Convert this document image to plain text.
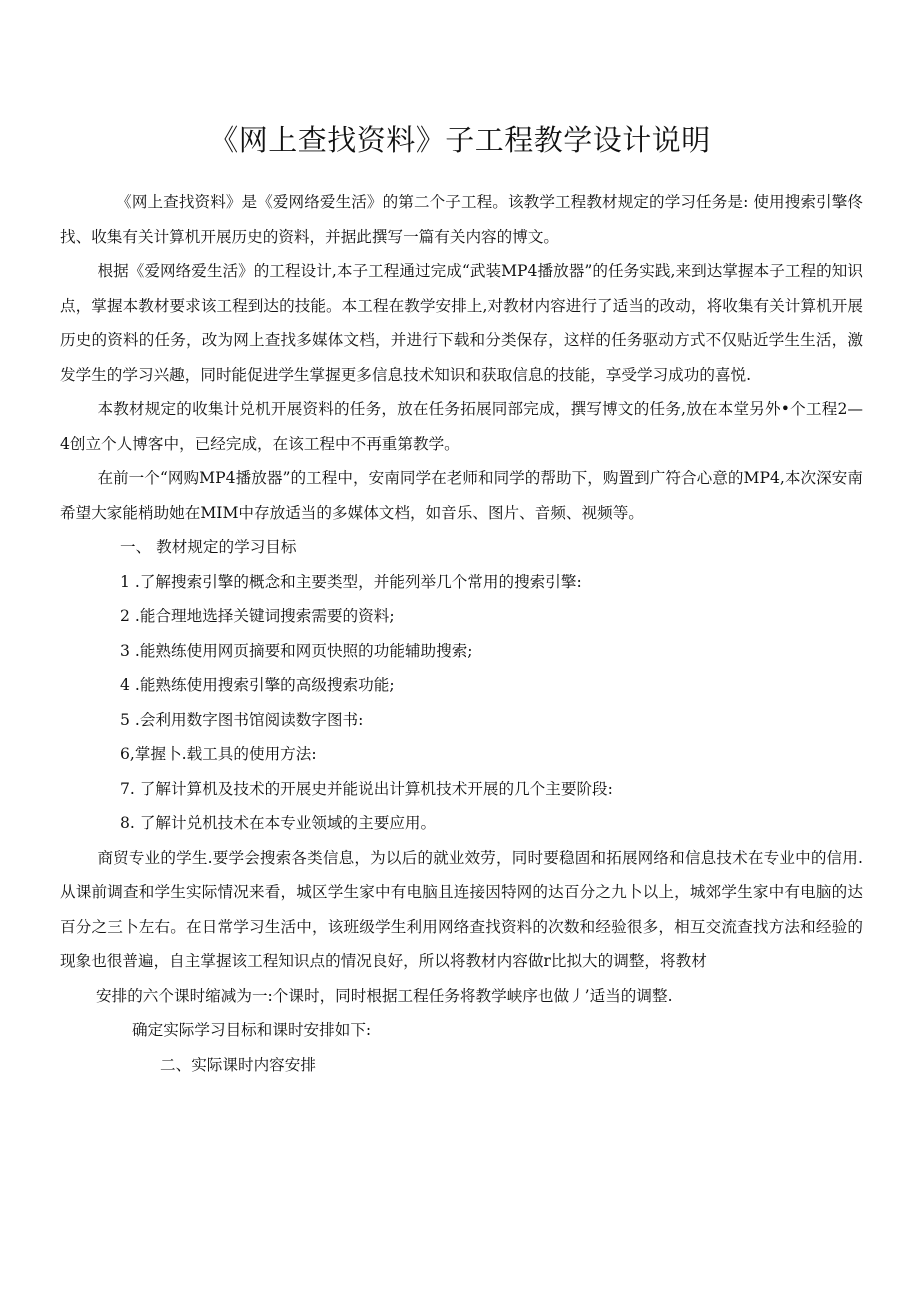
《网上查找资料》子工程教学设计说明

《网上查找资料》是《爱网络爱生活》的第二个子工程。该教学工程教材规定的学习任务是: 使用搜索引擎佟找、收集有关计算机开展历史的资料，并据此撰写一篇有关内容的博文。

根据《爱网络爱生活》的工程设计,本子工程通过完成“武装MP4播放器”的任务实践,来到达掌握本子工程的知识点，掌握本教材要求该工程到达的技能。本工程在教学安排上,对教材内容进行了适当的改动，将收集有关计算机开展历史的资料的任务，改为网上查找多媒体文档，并进行下载和分类保存，这样的任务驱动方式不仅贴近学生生活，激发学生的学习兴趣，同时能促进学生掌握更多信息技术知识和获取信息的技能，享受学习成功的喜悦.

本教材规定的收集计兑机开展资料的任务，放在任务拓展同部完成，撰写博文的任务,放在本堂另外•个工程2—4创立个人博客中，已经完成，在该工程中不再重第教学。

在前一个“网购MP4播放器”的工程中，安南同学在老师和同学的帮助下，购置到广符合心意的MP4,本次深安南希望大家能梢助她在MIM中存放适当的多媒体文档，如音乐、图片、音频、视频等。

一、 教材规定的学习目标

1 .了解搜索引擎的概念和主要类型，并能列举几个常用的搜索引擎:

2 .能合理地选择关键词搜索需要的资料;

3 .能熟练使用网页摘要和网页快照的功能辅助搜索;

4 .能熟练使用搜索引擎的高级搜索功能;

5 .会利用数字图书馆阅读数字图书:

6,掌握卜.载工具的使用方法:

7. 了解计算机及技术的开展史并能说出计算机技术开展的几个主要阶段:

8. 了解计兑机技术在本专业领域的主要应用。

商贸专业的学生.要学会搜索各类信息，为以后的就业效劳，同时要稳固和拓展网络和信息技术在专业中的信用.从课前调查和学生实际情况来看，城区学生家中有电脑且连接因特网的达百分之九卜以上，城郊学生家中有电脑的达百分之三卜左右。在日常学习生活中，该班级学生利用网络查找资料的次数和经验很多，相互交流查找方法和经验的现象也很普遍，自主掌握该工程知识点的情况良好，所以将教材内容做r比拟大的调整，将教材

安排的六个课时缩减为一:个课时，同时根据工程任务将教学峡序也做丿’适当的调整.

确定实际学习目标和课时安排如下:

二、实际课时内容安排
